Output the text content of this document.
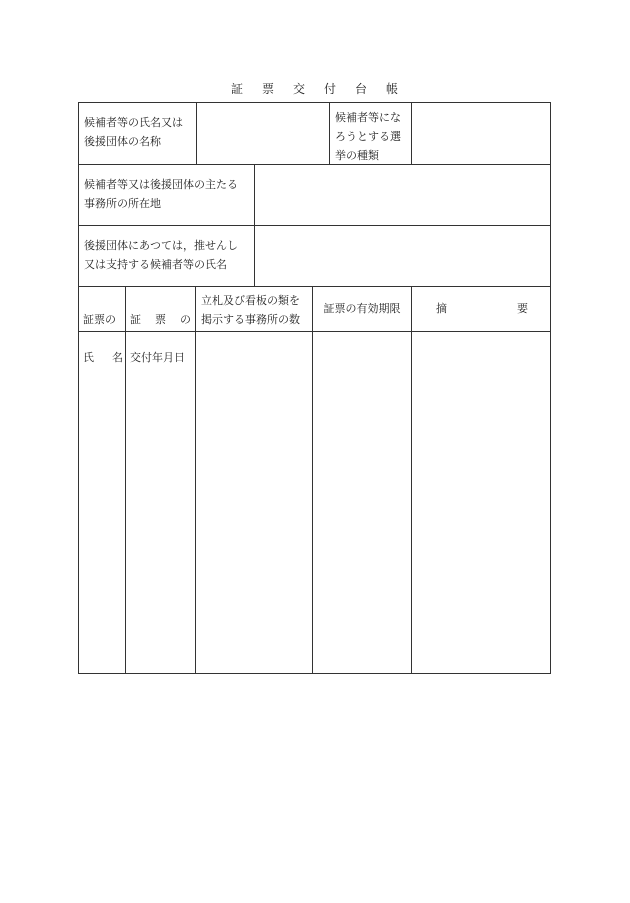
証 票 交 付 台 帳
候補者等の氏名又は
後援団体の名称
候補者等にな
ろうとする選
挙の種類
候補者等又は後援団体の主たる
事務所の所在地
後援団体にあつては，推せんし
又は支持する候補者等の氏名

証票の

氏 名

証 票 の

交付年月日

立札及び看板の類を
掲示する事務所の数
証票の有効期限	摘	要
